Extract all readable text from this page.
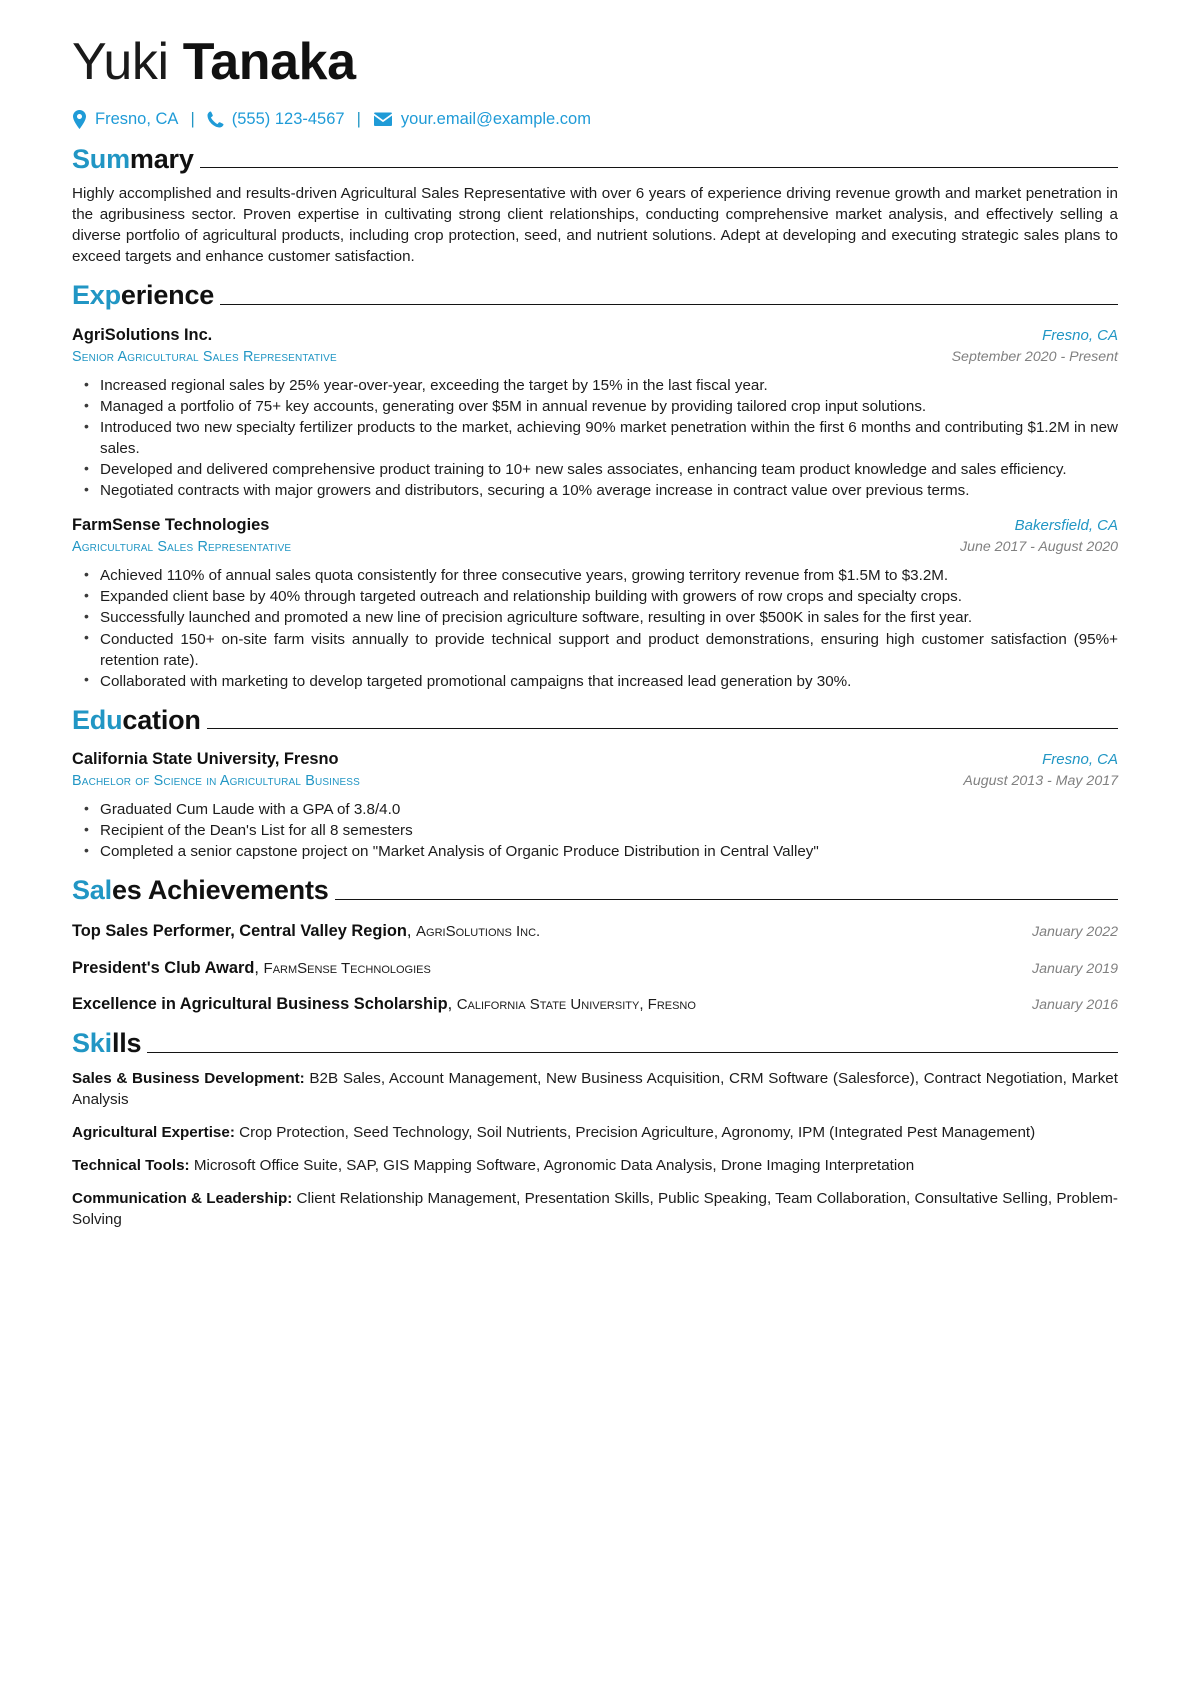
Yuki Tanaka
Fresno, CA |	(555) 123-4567 |	your.email@example.com
Summary

Highly accomplished and results-driven Agricultural Sales Representative with over 6 years of experience driving revenue growth and market penetration in the agribusiness sector. Proven expertise in cultivating strong client relationships, conducting comprehensive market analysis, and effectively selling a diverse portfolio of agricultural products, including crop protection, seed, and nutrient solutions. Adept at developing and executing strategic sales plans to exceed targets and enhance customer satisfaction.

Experience
AgriSolutions Inc.	Fresno, CA
Senior Agricultural Sales Representative	September 2020 - Present
• Increased regional sales by 25% year-over-year, exceeding the target by 15% in the last fiscal year.
• Managed a portfolio of 75+ key accounts, generating over $5M in annual revenue by providing tailored crop input solutions.
• Introduced two new specialty fertilizer products to the market, achieving 90% market penetration within the first 6 months and contributing $1.2M in new sales.
• Developed and delivered comprehensive product training to 10+ new sales associates, enhancing team product knowledge and sales efficiency.
• Negotiated contracts with major growers and distributors, securing a 10% average increase in contract value over previous terms.
FarmSense Technologies	Bakersfield, CA
Agricultural Sales Representative	June 2017 - August 2020
• Achieved 110% of annual sales quota consistently for three consecutive years, growing territory revenue from $1.5M to $3.2M.
• Expanded client base by 40% through targeted outreach and relationship building with growers of row crops and specialty crops.
• Successfully launched and promoted a new line of precision agriculture software, resulting in over $500K in sales for the first year.
• Conducted 150+ on-site farm visits annually to provide technical support and product demonstrations, ensuring high customer satisfaction (95%+ retention rate).
• Collaborated with marketing to develop targeted promotional campaigns that increased lead generation by 30%.
Education
California State University, Fresno	Fresno, CA
Bachelor of Science in Agricultural Business	August 2013 - May 2017
• Graduated Cum Laude with a GPA of 3.8/4.0
• Recipient of the Dean's List for all 8 semesters
• Completed a senior capstone project on "Market Analysis of Organic Produce Distribution in Central Valley"
Sales Achievements
Top Sales Performer, Central Valley Region, AgriSolutions Inc.	January 2022
President's Club Award, FarmSense Technologies	January 2019
Excellence in Agricultural Business Scholarship, California State University, Fresno	January 2016
Skills

Sales & Business Development: B2B Sales, Account Management, New Business Acquisition, CRM Software (Salesforce), Contract Negotiation, Market Analysis

Agricultural Expertise: Crop Protection, Seed Technology, Soil Nutrients, Precision Agriculture, Agronomy, IPM (Integrated Pest Management)

Technical Tools: Microsoft Office Suite, SAP, GIS Mapping Software, Agronomic Data Analysis, Drone Imaging Interpretation

Communication & Leadership: Client Relationship Management, Presentation Skills, Public Speaking, Team Collaboration, Consultative Selling, Problem-Solving
